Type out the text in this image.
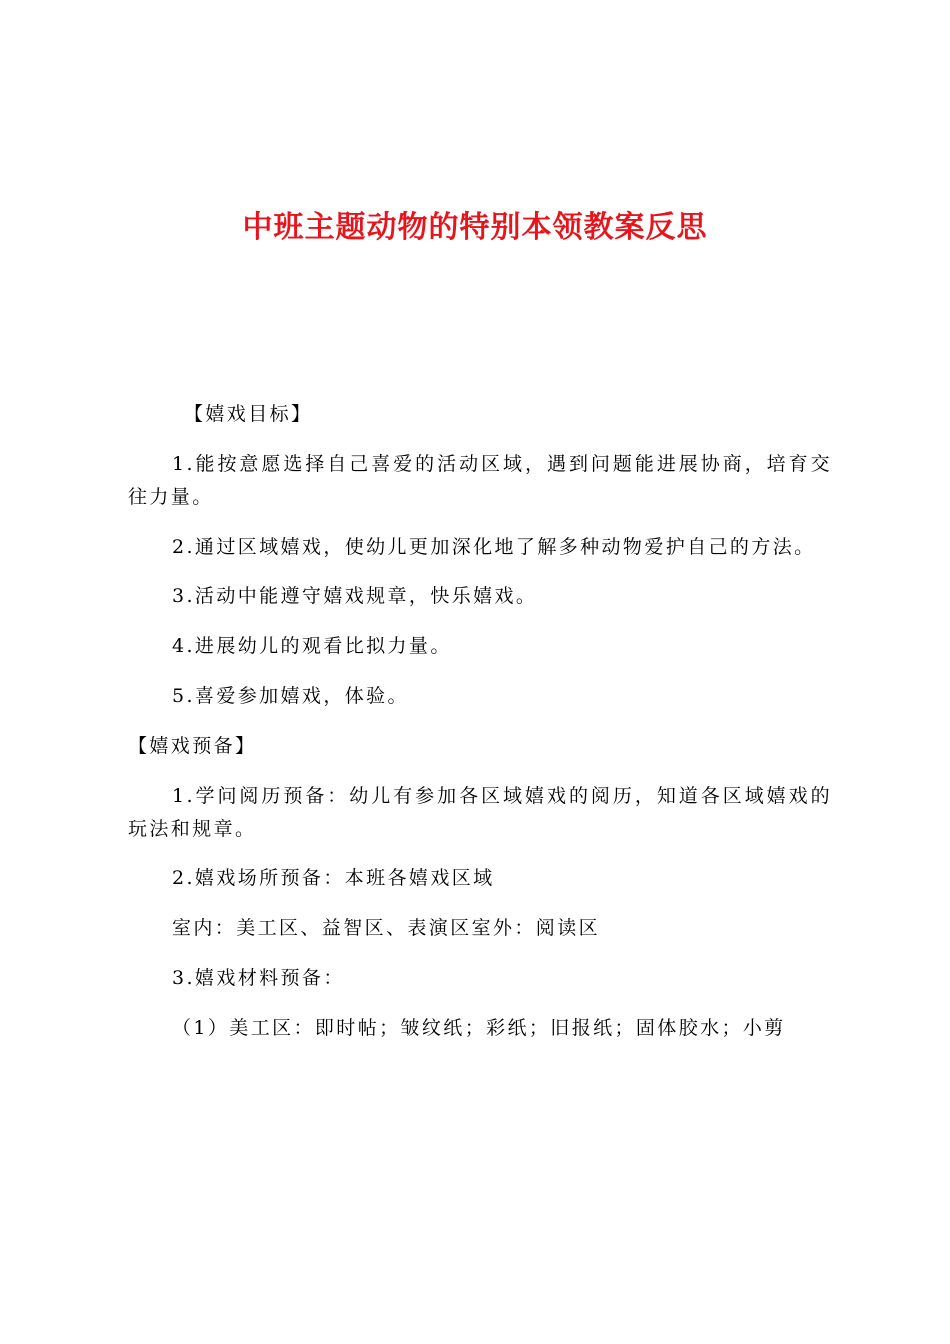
中班主题动物的特别本领教案反思

【嬉戏目标】

1.能按意愿选择自己喜爱的活动区域，遇到问题能进展协商，培育交往力量。

2.通过区域嬉戏，使幼儿更加深化地了解多种动物爱护自己的方法。

3.活动中能遵守嬉戏规章，快乐嬉戏。

4.进展幼儿的观看比拟力量。

5.喜爱参加嬉戏，体验。

【嬉戏预备】

1.学问阅历预备：幼儿有参加各区域嬉戏的阅历，知道各区域嬉戏的玩法和规章。

2.嬉戏场所预备：本班各嬉戏区域

室内：美工区、益智区、表演区室外：阅读区

3.嬉戏材料预备：

（1）美工区：即时帖；皱纹纸；彩纸；旧报纸；固体胶水；小剪
